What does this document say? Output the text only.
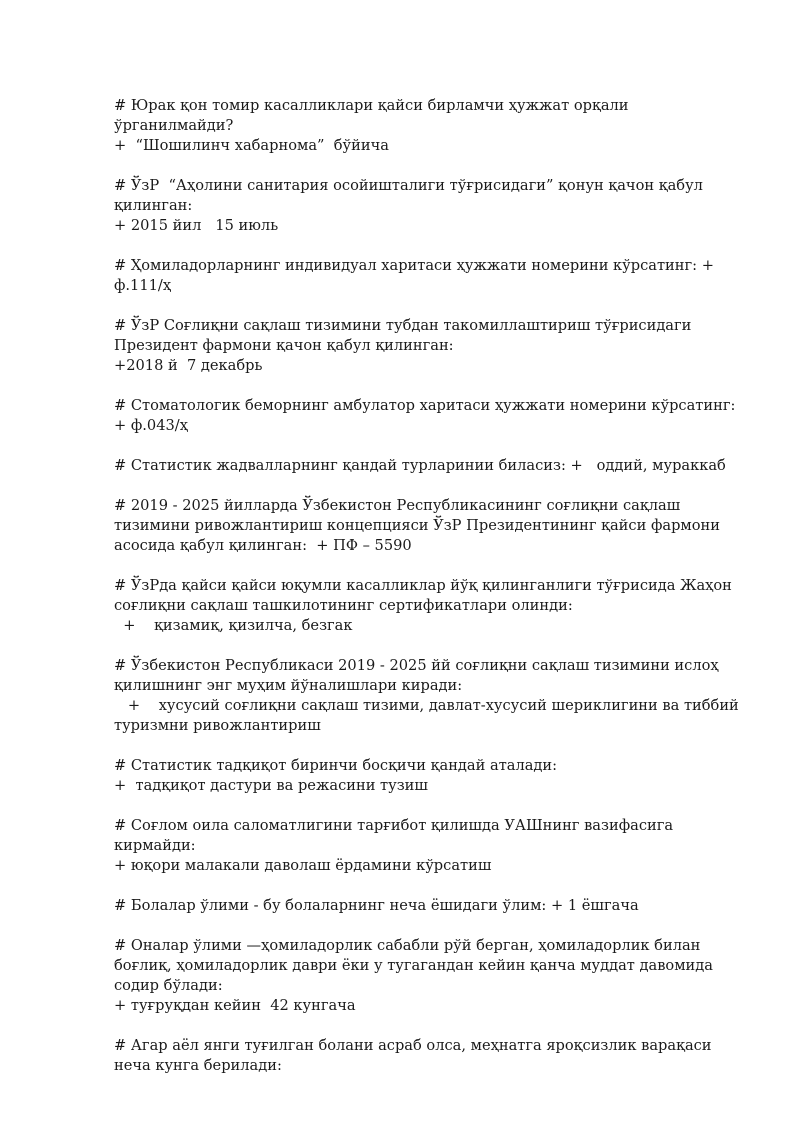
# Юрак қон томир касалликлари қайси бирламчи ҳужжат орқали ўрганилмайди?
+  “Шошилинч хабарнома”  бўйича
# ЎзР  “Аҳолини санитария осойишталиги тўғрисидаги” қонун қачон қабул қилинган:
+ 2015 йил   15 июль
# Ҳомиладорларнинг индивидуал харитаси ҳужжати номерини кўрсатинг: + ф.111/ҳ
# ЎзР Соғлиқни сақлаш тизимини тубдан такомиллаштириш тўғрисидаги Президент фармони қачон қабул қилинган:
+2018 й  7 декабрь
# Стоматологик беморнинг амбулатор харитаси ҳужжати номерини кўрсатинг: + ф.043/ҳ
# Статистик жадвалларнинг қандай турларинии биласиз: +   оддий, мураккаб
# 2019 - 2025 йилларда Ўзбекистон Республикасининг соғлиқни сақлаш тизимини ривожлантириш концепцияси ЎзР Президентининг қайси фармони асосида қабул қилинган:  + ПФ – 5590
# ЎзРда қайси қайси юқумли касалликлар йўқ қилинганлиги тўғрисида Жаҳон соғлиқни сақлаш ташкилотининг сертификатлари олинди:
+    қизамиқ, қизилча, безгак
# Ўзбекистон Республикаси 2019 - 2025 йй соғлиқни сақлаш тизимини ислоҳ қилишнинг энг муҳим йўналишлари киради:
+    хусусий соғлиқни сақлаш тизими, давлат-хусусий шериклигини ва тиббий туризмни ривожлантириш
# Статистик тадқиқот биринчи босқичи қандай аталади:
+  тадқиқот дастури ва режасини тузиш
# Соғлом оила саломатлигини тарғибот қилишда УАШнинг вазифасига кирмайди:
+ юқори малакали даволаш ёрдамини кўрсатиш
# Болалар ўлими - бу болаларнинг неча ёшидаги ўлим: + 1 ёшгача
# Оналар ўлими —ҳомиладорлик сабабли рўй берган, ҳомиладорлик билан боғлиқ, ҳомиладорлик даври ёки у тугагандан кейин қанча муддат давомида содир бўлади:
+ туғруқдан кейин  42 кунгача
# Агар аёл янги туғилган болани асраб олса, меҳнатга яроқсизлик варақаси неча кунга берилади:
